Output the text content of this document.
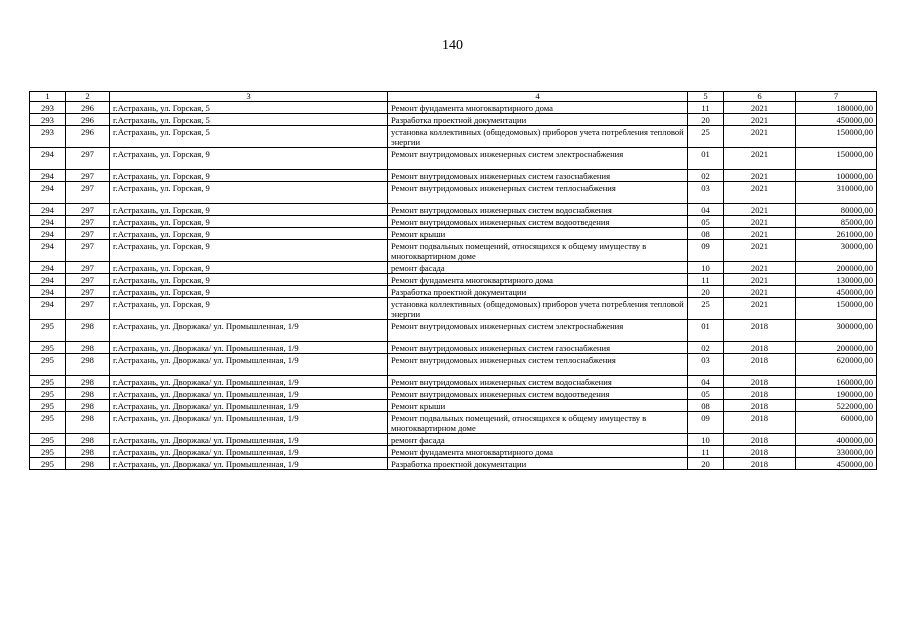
140
1	2	3	4	5	6	7
293	296	г.Астрахань, ул. Горская, 5	Ремонт фундамента многоквартирного дома	11	2021	180000,00
293	296	г.Астрахань, ул. Горская, 5	Разработка проектной документации	20	2021	450000,00
293	296	г.Астрахань, ул. Горская, 5	установка коллективных (общедомовых) приборов учета потребления тепловой энергии	25	2021	150000,00
294	297	г.Астрахань, ул. Горская, 9	Ремонт внутридомовых инженерных систем электроснабжения	01	2021	150000,00
294	297	г.Астрахань, ул. Горская, 9	Ремонт внутридомовых инженерных систем газоснабжения	02	2021	100000,00
294	297	г.Астрахань, ул. Горская, 9	Ремонт внутридомовых инженерных систем теплоснабжения	03	2021	310000,00
294	297	г.Астрахань, ул. Горская, 9	Ремонт внутридомовых инженерных систем водоснабжения	04	2021	80000,00
294	297	г.Астрахань, ул. Горская, 9	Ремонт внутридомовых инженерных систем водоотведения	05	2021	85000,00
294	297	г.Астрахань, ул. Горская, 9	Ремонт крыши	08	2021	261000,00
294	297	г.Астрахань, ул. Горская, 9	Ремонт подвальных помещений, относящихся к общему имуществу в многоквартирном доме	09	2021	30000,00
294	297	г.Астрахань, ул. Горская, 9	ремонт фасада	10	2021	200000,00
294	297	г.Астрахань, ул. Горская, 9	Ремонт фундамента многоквартирного дома	11	2021	130000,00
294	297	г.Астрахань, ул. Горская, 9	Разработка проектной документации	20	2021	450000,00
294	297	г.Астрахань, ул. Горская, 9	установка коллективных (общедомовых) приборов учета потребления тепловой энергии	25	2021	150000,00
295	298	г.Астрахань, ул. Дворжака/ ул. Промышленная, 1/9	Ремонт внутридомовых инженерных систем электроснабжения	01	2018	300000,00
295	298	г.Астрахань, ул. Дворжака/ ул. Промышленная, 1/9	Ремонт внутридомовых инженерных систем газоснабжения	02	2018	200000,00
295	298	г.Астрахань, ул. Дворжака/ ул. Промышленная, 1/9	Ремонт внутридомовых инженерных систем теплоснабжения	03	2018	620000,00
295	298	г.Астрахань, ул. Дворжака/ ул. Промышленная, 1/9	Ремонт внутридомовых инженерных систем водоснабжения	04	2018	160000,00
295	298	г.Астрахань, ул. Дворжака/ ул. Промышленная, 1/9	Ремонт внутридомовых инженерных систем водоотведения	05	2018	190000,00
295	298	г.Астрахань, ул. Дворжака/ ул. Промышленная, 1/9	Ремонт крыши	08	2018	522000,00
295	298	г.Астрахань, ул. Дворжака/ ул. Промышленная, 1/9	Ремонт подвальных помещений, относящихся к общему имуществу в многоквартирном доме	09	2018	60000,00
295	298	г.Астрахань, ул. Дворжака/ ул. Промышленная, 1/9	ремонт фасада	10	2018	400000,00
295	298	г.Астрахань, ул. Дворжака/ ул. Промышленная, 1/9	Ремонт фундамента многоквартирного дома	11	2018	330000,00
295	298	г.Астрахань, ул. Дворжака/ ул. Промышленная, 1/9	Разработка проектной документации	20	2018	450000,00
